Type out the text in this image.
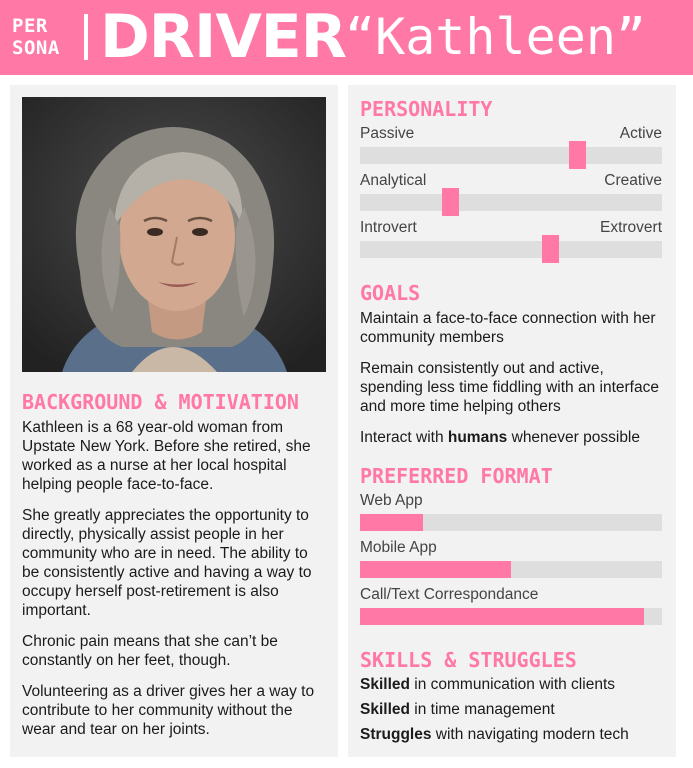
PER
SONA DRIVER “Kathleen”
BACKGROUND & MOTIVATION
Kathleen is a 68 year-old woman from Upstate New York. Before she retired, she worked as a nurse at her local hospital helping people face-to-face.
She greatly appreciates the opportunity to directly, physically assist people in her community who are in need. The ability to be consistently active and having a way to occupy herself post-retirement is also important.
Chronic pain means that she can’t be constantly on her feet, though.
Volunteering as a driver gives her a way to contribute to her community without the wear and tear on her joints.
PERSONALITY
Passive	Active
Analytical	Creative
Introvert	Extrovert
GOALS
Maintain a face-to-face connection with her community members
Remain consistently out and active, spending less time fiddling with an interface and more time helping others
Interact with humans whenever possible
PREFERRED FORMAT
Web App
Mobile App
Call/Text Correspondance
SKILLS & STRUGGLES
Skilled in communication with clients
Skilled in time management
Struggles with navigating modern tech
